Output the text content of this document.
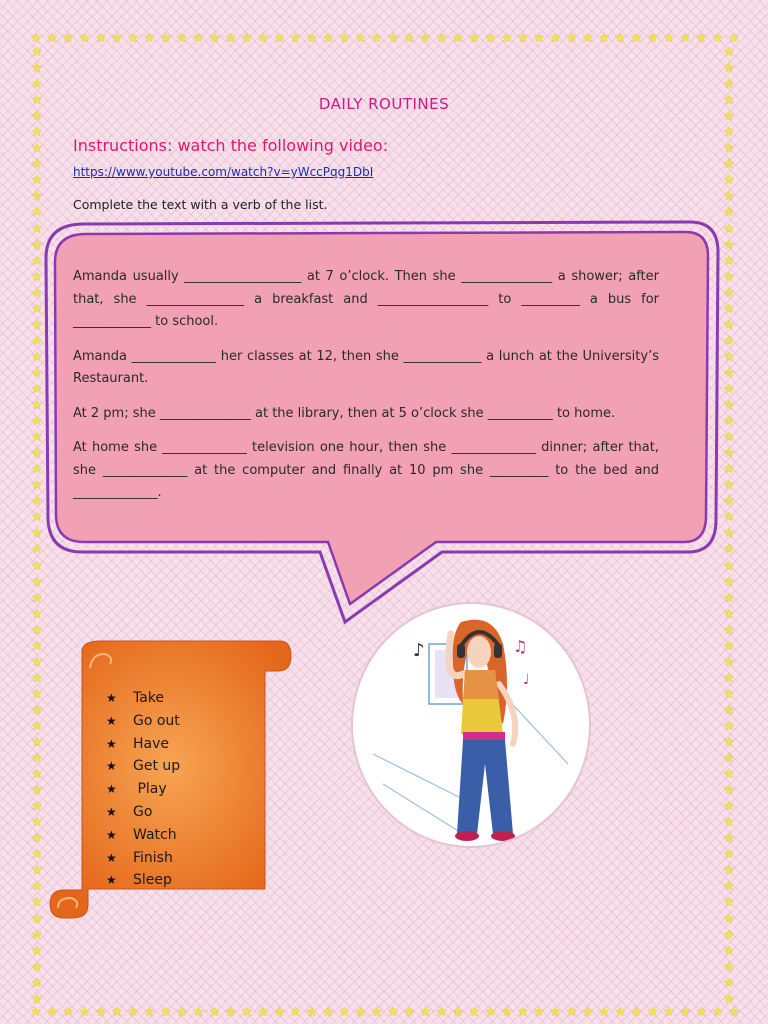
★ ★ ★ ★ ★ ★ ★ ★ ★ ★ ★ ★ ★ ★ ★ ★ ★ ★ ★ ★ ★ ★ ★ ★ ★ ★ ★ ★ ★ ★ ★ ★ ★ ★ ★ ★ ★ ★ ★ ★ ★ ★ ★ ★
★ ★ ★ ★ ★ ★ ★ ★ ★ ★ ★ ★ ★ ★ ★ ★ ★ ★ ★ ★ ★ ★ ★ ★ ★ ★ ★ ★ ★ ★ ★ ★ ★ ★ ★ ★ ★ ★ ★ ★ ★ ★ ★ ★
★
★
★
★
★
★
★
★
★
★
★
★
★
★
★
★
★
★
★
★
★
★
★
★
★
★
★
★
★
★
★
★
★
★
★
★
★
★
★
★
★
★
★
★
★
★
★
★
★
★
★
★
★
★
★
★
★
★
★
★
★
★
★
★
★
★
★
★
★
★
★
★
★
★
★
★
★
★
★
★
★
★
★
★
★
★
★
★
★
★
★
★
★
★
★
★
★
★
★
★
★
★
★
★
★
★
★
★
★
★
★
★
★
★
★
★
★
★
★
★
DAILY ROUTINES
Instructions: watch the following video:
https://www.youtube.com/watch?v=yWccPqg1DbI
Complete the text with a verb of the list.

Amanda usually __________________ at 7 o’clock. Then she ______________ a shower; after that, she _______________ a breakfast and _________________ to _________ a bus for ____________ to school.

Amanda _____________ her classes at 12, then she ____________ a lunch at the University’s Restaurant.

At 2 pm; she ______________ at the library, then at 5 o’clock she __________ to home.

At home she _____________ television one hour, then she _____________ dinner; after that, she _____________ at the computer and finally at 10 pm she _________ to the bed and _____________.

★	Take
★	Go out
★	Have
★	Get up
★	Play
★	Go
★	Watch
★	Finish
★	Sleep
♪	♫
♩
